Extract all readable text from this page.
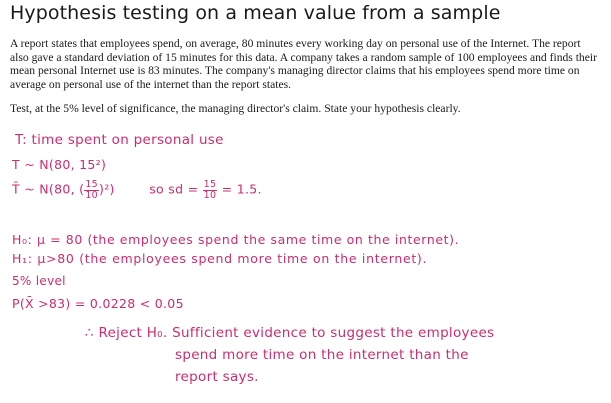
Hypothesis testing on a mean value from a sample

A report states that employees spend, on average, 80 minutes every working day on personal use of the Internet. The report also gave a standard deviation of 15 minutes for this data. A company takes a random sample of 100 employees and finds their mean personal Internet use is 83 minutes. The company's managing director claims that his employees spend more time on average on personal use of the internet than the report states.

Test, at the 5% level of significance, the managing director's claim. State your hypothesis clearly.

T: time spent on personal use
T ~ N(80, 15²)
T̄ ~ N(80, ( $\frac{15}{10} )^2$)	so sd = $\frac{15}{10} = 1.5$.
H₀: μ = 80 (the employees spend the same time on the internet).
H₁: μ>80 (the employees spend more time on the internet).
5% level
P(X̄ >83) = 0.0228 < 0.05
∴ Reject H₀. Sufficient evidence to suggest the employees
spend more time on the internet than the
report says.
